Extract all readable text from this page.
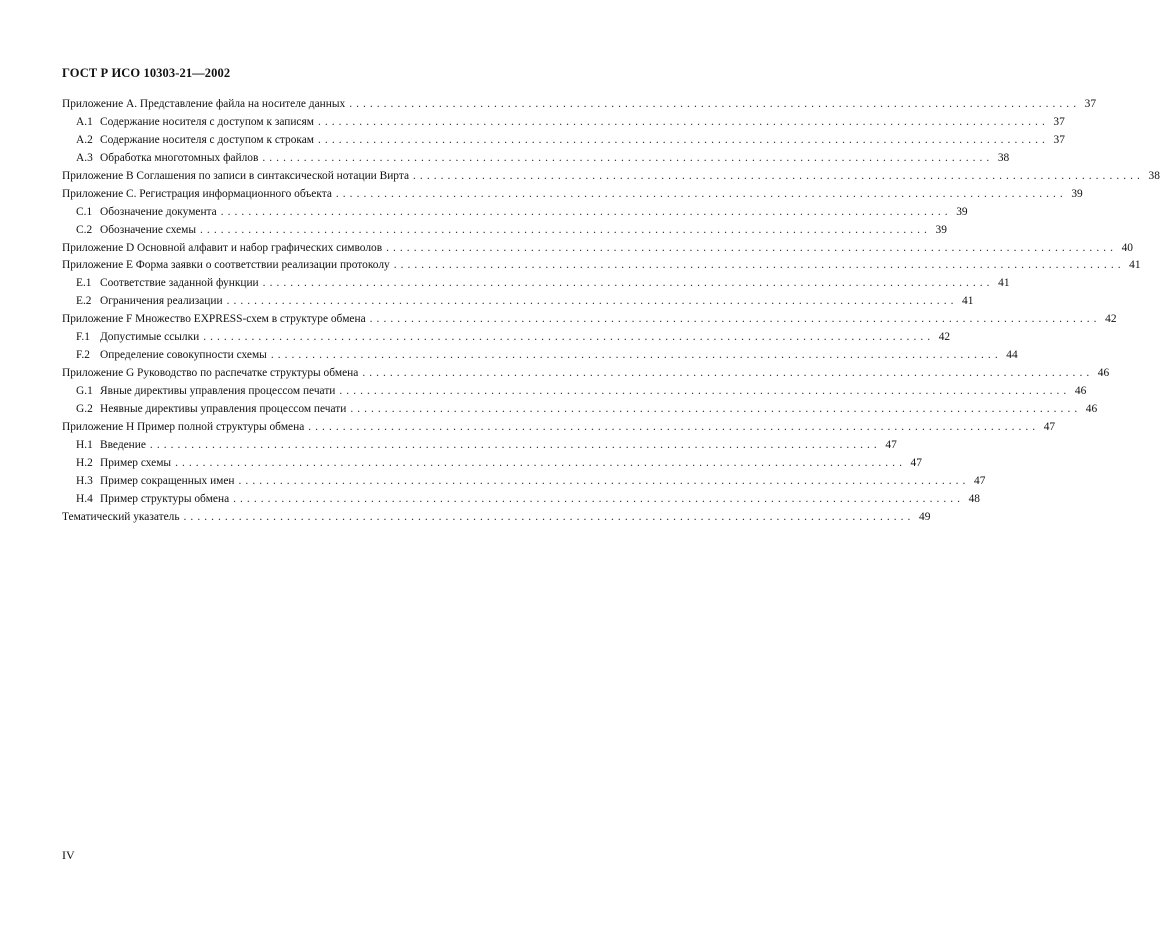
ГОСТ Р ИСО 10303-21—2002
Приложение А. Представление файла на носителе данных . . .	37
А.1 Содержание носителя с доступом к записям . . .	37
А.2 Содержание носителя с доступом к строкам . . .	37
А.3 Обработка многотомных файлов . . .	38
Приложение В Соглашения по записи в синтаксической нотации Вирта . . .	38
Приложение С. Регистрация информационного объекта . . .	39
С.1 Обозначение документа . . .	39
С.2 Обозначение схемы . . .	39
Приложение D Основной алфавит и набор графических символов . . .	40
Приложение Е Форма заявки о соответствии реализации протоколу . . .	41
Е.1 Соответствие заданной функции . . .	41
Е.2 Ограничения реализации . . .	41
Приложение F Множество EXPRESS-схем в структуре обмена . . .	42
F.1 Допустимые ссылки . . .	42
F.2 Определение совокупности схемы . . .	44
Приложение G Руководство по распечатке структуры обмена . . .	46
G.1 Явные директивы управления процессом печати . . .	46
G.2 Неявные директивы управления процессом печати . . .	46
Приложение Н Пример полной структуры обмена . . .	47
Н.1 Введение . . .	47
Н.2 Пример схемы . . .	47
Н.3 Пример сокращенных имен . . .	47
Н.4 Пример структуры обмена . . .	48
Тематический указатель . . .	49
IV
